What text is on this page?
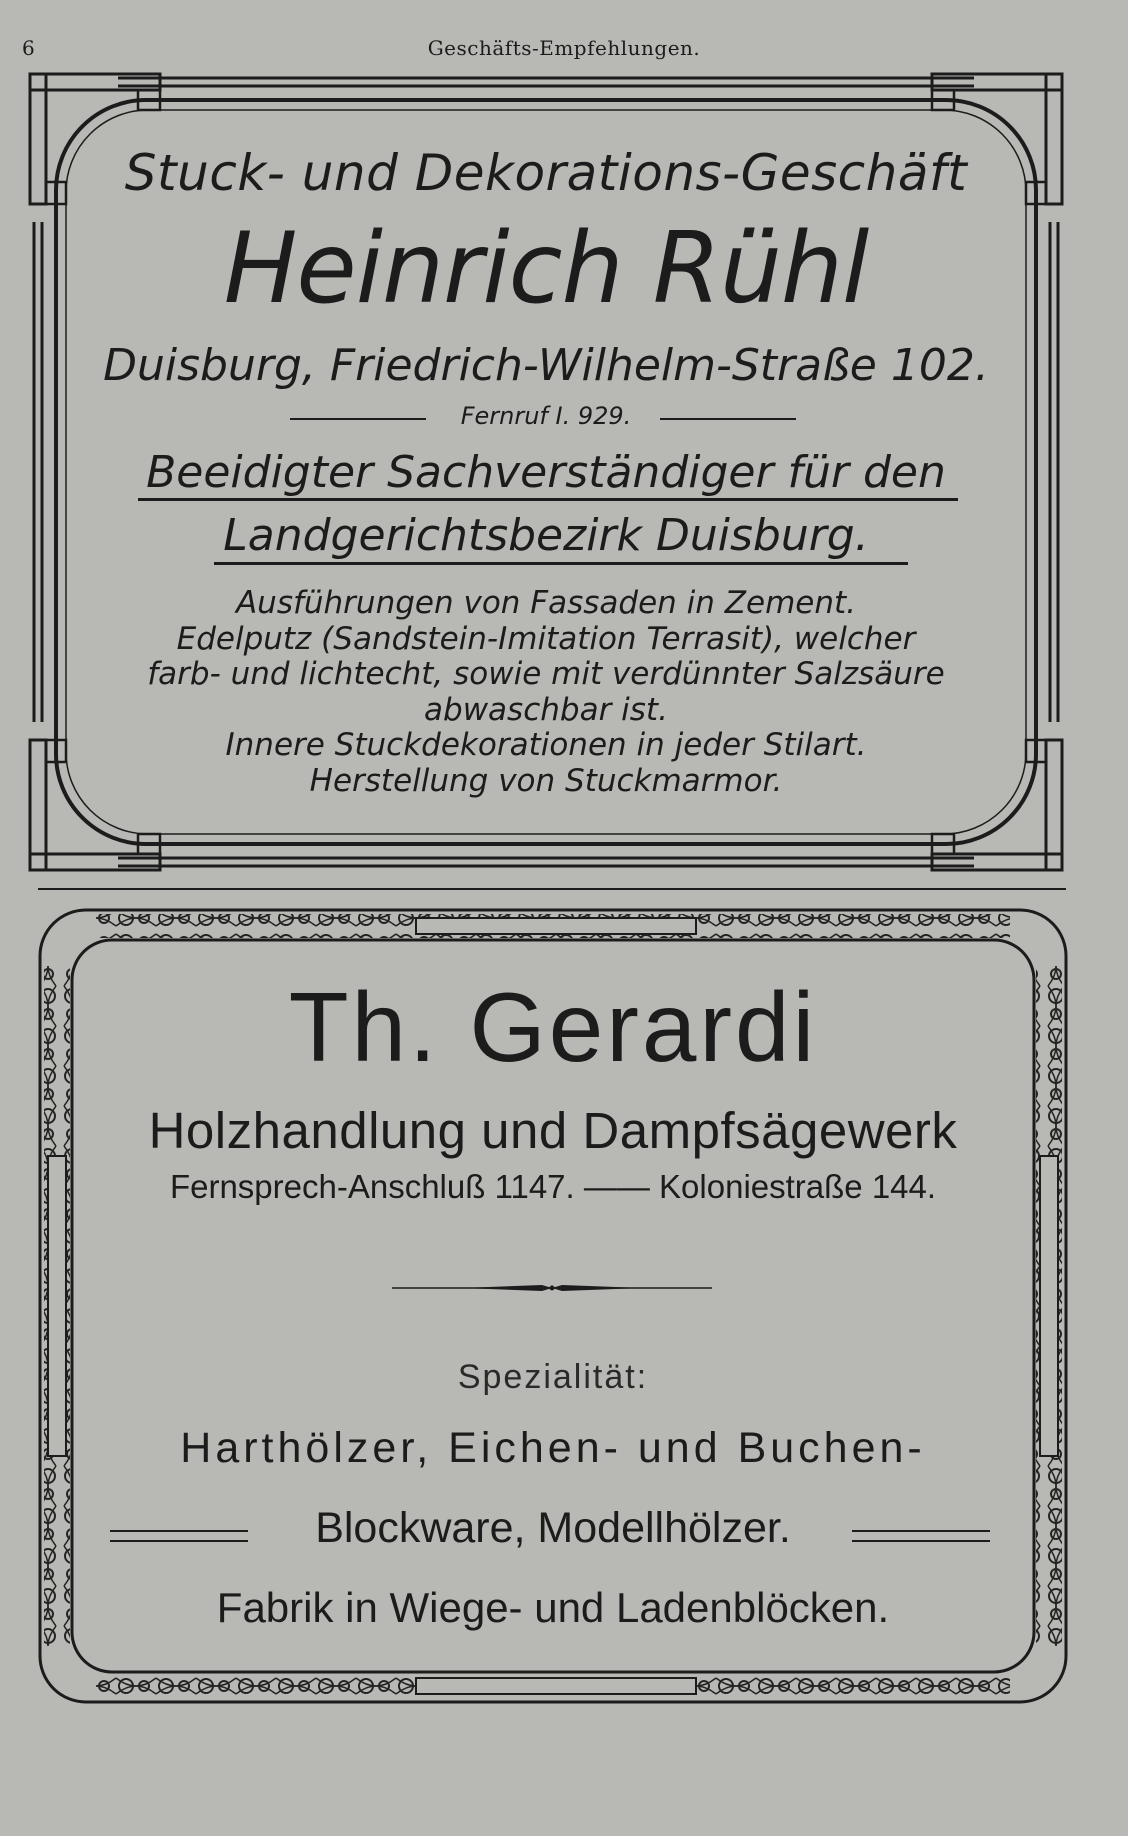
6	Geschäfts-Empfehlungen.
Stuck- und Dekorations-Geschäft
Heinrich Rühl
Duisburg, Friedrich-Wilhelm-Straße 102.
Fernruf I. 929.
Beeidigter Sachverständiger für den
Landgerichtsbezirk Duisburg.
Ausführungen von Fassaden in Zement.
Edelputz (Sandstein-Imitation Terrasit), welcher
farb- und lichtecht, sowie mit verdünnter Salzsäure
abwaschbar ist.
Innere Stuckdekorationen in jeder Stilart.
Herstellung von Stuckmarmor.
Th. Gerardi
Holzhandlung und Dampfsägewerk
Fernsprech-Anschluß 1147. —— Koloniestraße 144.
Spezialität:
Harthölzer, Eichen- und Buchen-
Blockware, Modellhölzer.
Fabrik in Wiege- und Ladenblöcken.
